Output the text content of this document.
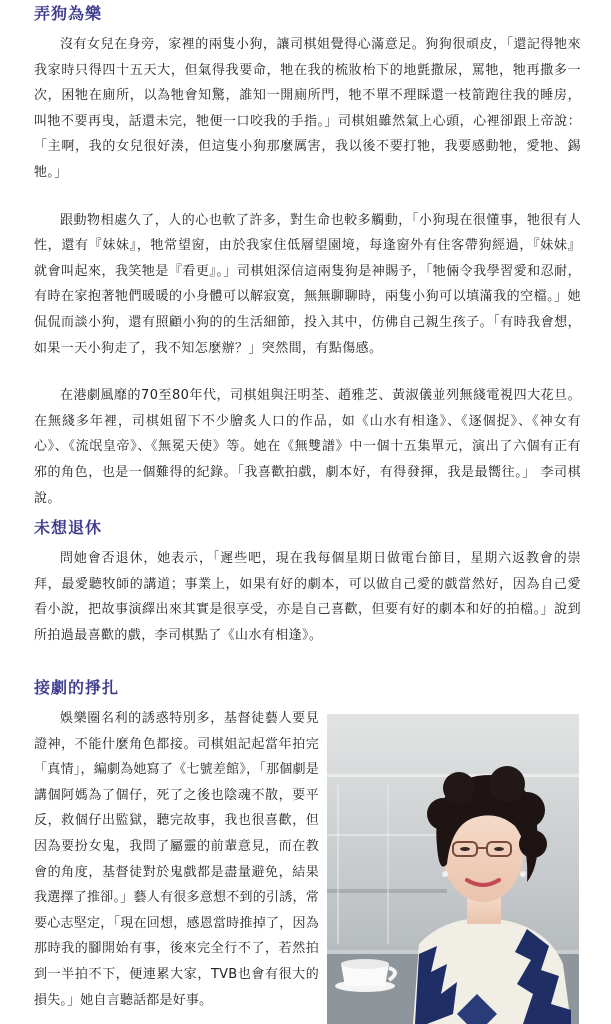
弄狗為樂

沒有女兒在身旁，家裡的兩隻小狗，讓司棋姐覺得心滿意足。狗狗很頑皮，「還記得牠來我家時只得四十五天大，但氣得我要命，牠在我的梳妝枱下的地氈撒尿，罵牠，牠再撒多一次，困牠在廁所，以為牠會知驚，誰知一開廁所門，牠不單不理睬還一枝箭跑往我的睡房，叫牠不要再曳，話還未完，牠便一口咬我的手指。」司棋姐雖然氣上心頭，心裡卻跟上帝說：「主啊，我的女兒很好湊，但這隻小狗那麼厲害，我以後不要打牠，我要感動牠，愛牠、錫牠。」

跟動物相處久了，人的心也軟了許多，對生命也較多觸動，「小狗現在很懂事，牠很有人性，還有『妹妹』，牠常望窗，由於我家住低層望園境，每逢窗外有住客帶狗經過，『妹妹』就會叫起來，我笑牠是『看更』。」司棋姐深信這兩隻狗是神賜予，「牠倆令我學習愛和忍耐，有時在家抱著牠們暖暖的小身體可以解寂寞，無無聊聊時，兩隻小狗可以填滿我的空檔。」她侃侃而談小狗，還有照顧小狗的的生活細節，投入其中，仿佛自己親生孩子。「有時我會想，如果一天小狗走了，我不知怎麼辦？」突然間，有點傷感。

在港劇風靡的70至80年代，司棋姐與汪明荃、趙雅芝、黃淑儀並列無綫電視四大花旦。在無綫多年裡，司棋姐留下不少膾炙人口的作品，如《山水有相逢》、《逐個捉》、《神女有心》、《流氓皇帝》、《無冕天使》等。她在《無雙譜》中一個十五集單元，演出了六個有正有邪的角色，也是一個難得的紀錄。「我喜歡拍戲，劇本好，有得發揮，我是最嚮往。」 李司棋說。

未想退休

問她會否退休，她表示，「遲些吧，現在我每個星期日做電台節目，星期六返教會的崇拜，最愛聽牧師的講道；事業上，如果有好的劇本，可以做自己愛的戲當然好，因為自己愛看小說，把故事演繹出來其實是很享受，亦是自己喜歡，但要有好的劇本和好的拍檔。」說到所拍過最喜歡的戲，李司棋點了《山水有相逢》。

接劇的掙扎

娛樂圈名利的誘惑特別多，基督徒藝人要見證神，不能什麼角色都接。司棋姐記起當年拍完「真情」，編劇為她寫了《七號差館》，「那個劇是講個阿媽為了個仔，死了之後也陰魂不散，要平反，救個仔出監獄，聽完故事，我也很喜歡，但因為要扮女鬼，我問了屬靈的前輩意見，而在教會的角度，基督徒對於鬼戲都是盡量避免，結果我選擇了推卻。」藝人有很多意想不到的引誘，常要心志堅定，「現在回想，感恩當時推掉了，因為那時我的腳開始有事，後來完全行不了，若然拍到一半拍不下，便連累大家，TVB也會有很大的損失。」她自言聽話都是好事。
